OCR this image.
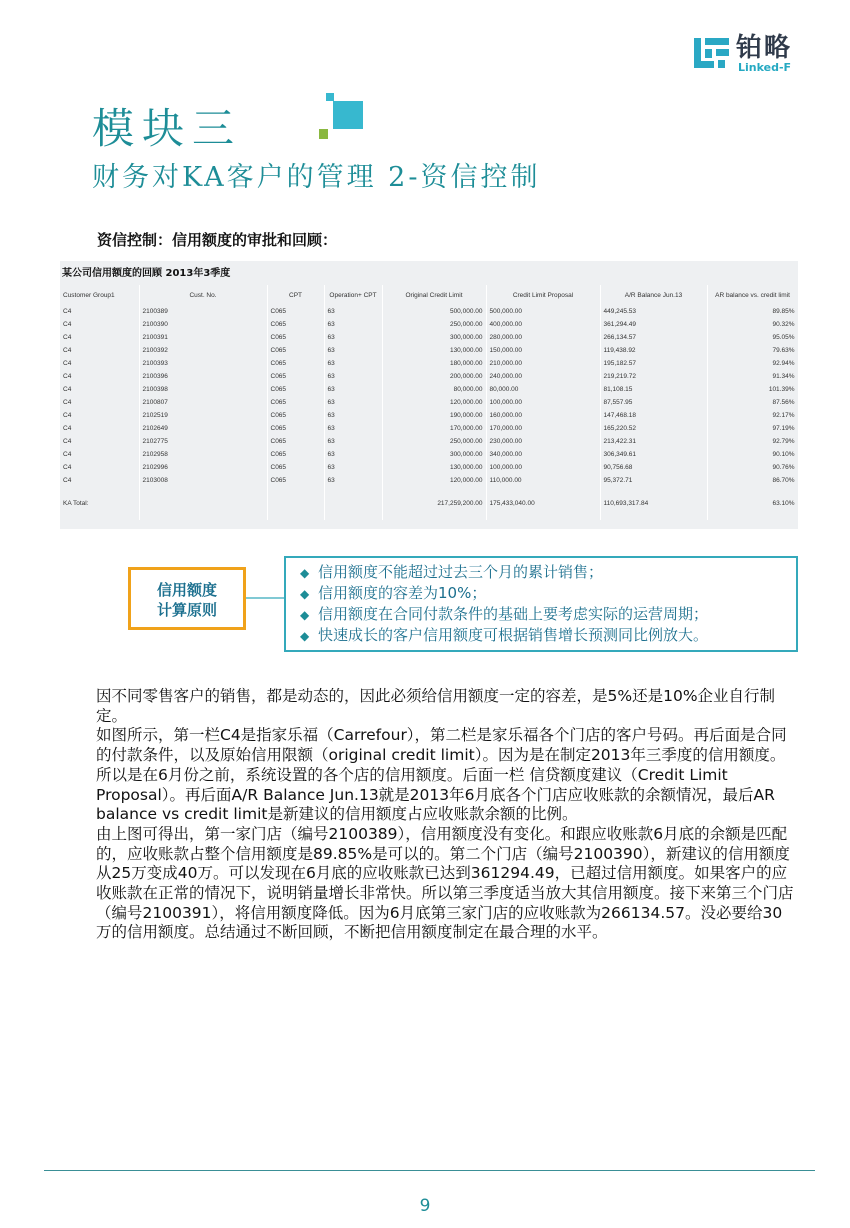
铂略
Linked-F
模块三
财务对KA客户的管理 2-资信控制
资信控制：信用额度的审批和回顾：
某公司信用额度的回顾 2013年3季度
Customer Group1	Cust. No.	CPT	Operation+ CPT	Original Credit Limit	Credit Limit Proposal	A/R Balance Jun.13	AR balance vs. credit limit
C4	2100389	C065	63	500,000.00	500,000.00	449,245.53	89.85%
C4	2100390	C065	63	250,000.00	400,000.00	361,294.49	90.32%
C4	2100391	C065	63	300,000.00	280,000.00	266,134.57	95.05%
C4	2100392	C065	63	130,000.00	150,000.00	119,438.92	79.63%
C4	2100393	C065	63	180,000.00	210,000.00	195,182.57	92.94%
C4	2100396	C065	63	200,000.00	240,000.00	219,219.72	91.34%
C4	2100398	C065	63	80,000.00	80,000.00	81,108.15	101.39%
C4	2100807	C065	63	120,000.00	100,000.00	87,557.95	87.56%
C4	2102519	C065	63	190,000.00	160,000.00	147,468.18	92.17%
C4	2102649	C065	63	170,000.00	170,000.00	165,220.52	97.19%
C4	2102775	C065	63	250,000.00	230,000.00	213,422.31	92.79%
C4	2102958	C065	63	300,000.00	340,000.00	306,349.61	90.10%
C4	2102996	C065	63	130,000.00	100,000.00	90,756.68	90.76%
C4	2103008	C065	63	120,000.00	110,000.00	95,372.71	86.70%

KA Total:				217,259,200.00	175,433,040.00	110,693,317.84	63.10%

信用额度
计算原则
◆ 信用额度不能超过过去三个月的累计销售；
◆ 信用额度的容差为10%；
◆ 信用额度在合同付款条件的基础上要考虑实际的运营周期；
◆ 快速成长的客户信用额度可根据销售增长预测同比例放大。

因不同零售客户的销售，都是动态的，因此必须给信用额度一定的容差，是5%还是10%企业自行制定。

如图所示，第一栏C4是指家乐福（Carrefour），第二栏是家乐福各个门店的客户号码。再后面是合同的付款条件，以及原始信用限额（original credit limit）。因为是在制定2013年三季度的信用额度。所以是在6月份之前，系统设置的各个店的信用额度。后面一栏 信贷额度建议（Credit Limit Proposal）。再后面A/R Balance Jun.13就是2013年6月底各个门店应收账款的余额情况，最后AR balance vs credit limit是新建议的信用额度占应收账款余额的比例。

由上图可得出，第一家门店（编号2100389），信用额度没有变化。和跟应收账款6月底的余额是匹配的，应收账款占整个信用额度是89.85%是可以的。第二个门店（编号2100390），新建议的信用额度从25万变成40万。可以发现在6月底的应收账款已达到361294.49，已超过信用额度。如果客户的应收账款在正常的情况下，说明销量增长非常快。所以第三季度适当放大其信用额度。接下来第三个门店（编号2100391），将信用额度降低。因为6月底第三家门店的应收账款为266134.57。没必要给30万的信用额度。总结通过不断回顾，不断把信用额度制定在最合理的水平。

9
